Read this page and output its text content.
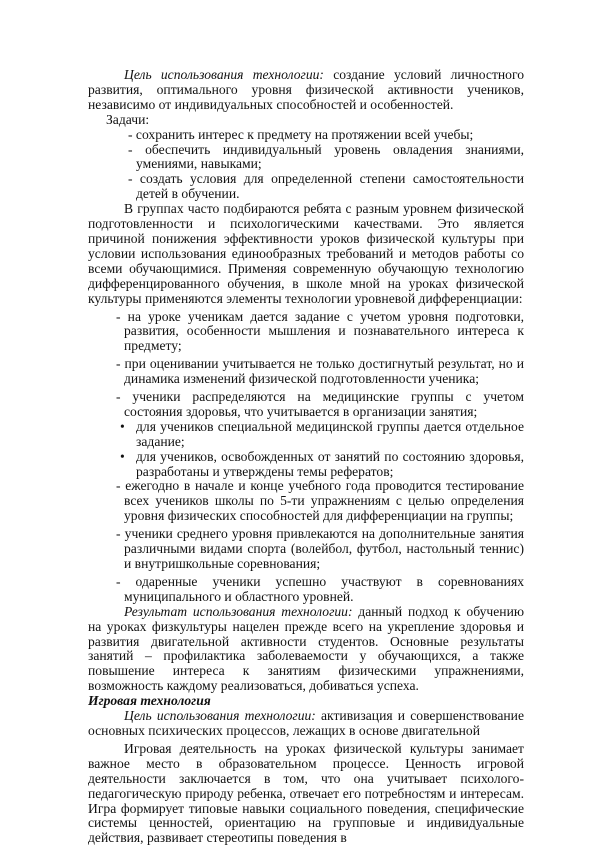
Цель использования технологии: создание условий личностного развития, оптимального уровня физической активности учеников, независимо от индивидуальных способностей и особенностей.

Задачи:

- сохранить интерес к предмету на протяжении всей учебы;

- обеспечить индивидуальный уровень овладения знаниями, умениями, навыками;

- создать условия для определенной степени самостоятельности детей в обучении.

В группах часто подбираются ребята с разным уровнем физической подготовленности и психологическими качествами. Это является причиной понижения эффективности уроков физической культуры при условии использования единообразных требований и методов работы со всеми обучающимися. Применяя современную обучающую технологию дифференцированного обучения, в школе мной на уроках физической культуры применяются элементы технологии уровневой дифференциации:

- на уроке ученикам дается задание с учетом уровня подготовки, развития, особенности мышления и познавательного интереса к предмету;

- при оценивании учитывается не только достигнутый результат, но и динамика изменений физической подготовленности ученика;

- ученики распределяются на медицинские группы с учетом состояния здоровья, что учитывается в организации занятия;

• для учеников специальной медицинской группы дается отдельное задание;

• для учеников, освобожденных от занятий по состоянию здоровья, разработаны и утверждены темы рефератов;

- ежегодно в начале и конце учебного года проводится тестирование всех учеников школы по 5-ти упражнениям с целью определения уровня физических способностей для дифференциации на группы;

- ученики среднего уровня привлекаются на дополнительные занятия различными видами спорта (волейбол, футбол, настольный теннис) и внутришкольные соревнования;

- одаренные ученики успешно участвуют в соревнованиях муниципального и областного уровней.

Результат использования технологии: данный подход к обучению на уроках физкультуры нацелен прежде всего на укрепление здоровья и развития двигательной активности студентов. Основные результаты занятий – профилактика заболеваемости у обучающихся, а также повышение интереса к занятиям физическими упражнениями, возможность каждому реализоваться, добиваться успеха.

Игровая технология

Цель использования технологии: активизация и совершенствование основных психических процессов, лежащих в основе двигательной

Игровая деятельность на уроках физической культуры занимает важное место в образовательном процессе. Ценность игровой деятельности заключается в том, что она учитывает психолого-педагогическую природу ребенка, отвечает его потребностям и интересам. Игра формирует типовые навыки социального поведения, специфические системы ценностей, ориентацию на групповые и индивидуальные действия, развивает стереотипы поведения в
